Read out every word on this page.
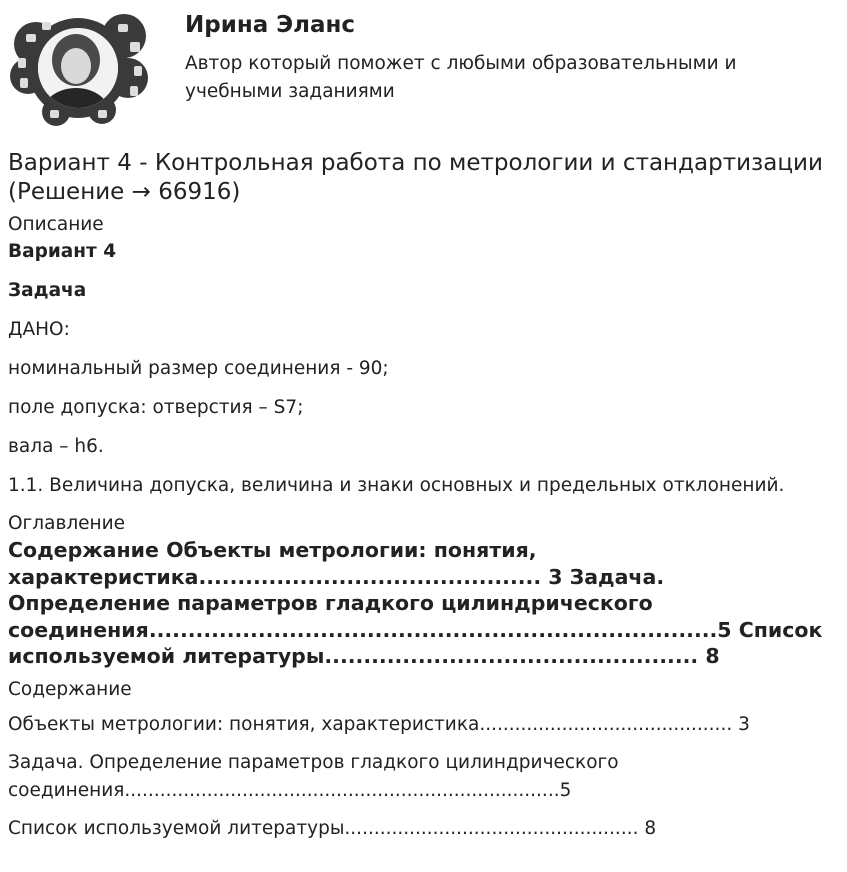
Ирина Эланс
Автор который поможет с любыми образовательными и учебными заданиями
Вариант 4 - Контрольная работа по метрологии и стандартизации (Решение → 66916)
Описание

Вариант 4

Задача

ДАНО:

номинальный размер соединения - 90;

поле допуска: отверстия – S7;

вала – h6.

1.1. Величина допуска, величина и знаки основных и предельных отклонений.

Оглавление
Содержание Объекты метрологии: понятия,
характеристика............................................ 3 Задача.
Определение параметров гладкого цилиндрического
соединения.........................................................................5 Список
используемой литературы................................................ 8
Содержание

Объекты метрологии: понятия, характеристика........................................... 3

Задача. Определение параметров гладкого цилиндрического

соединения..........................................................................5

Список используемой литературы.................................................. 8
